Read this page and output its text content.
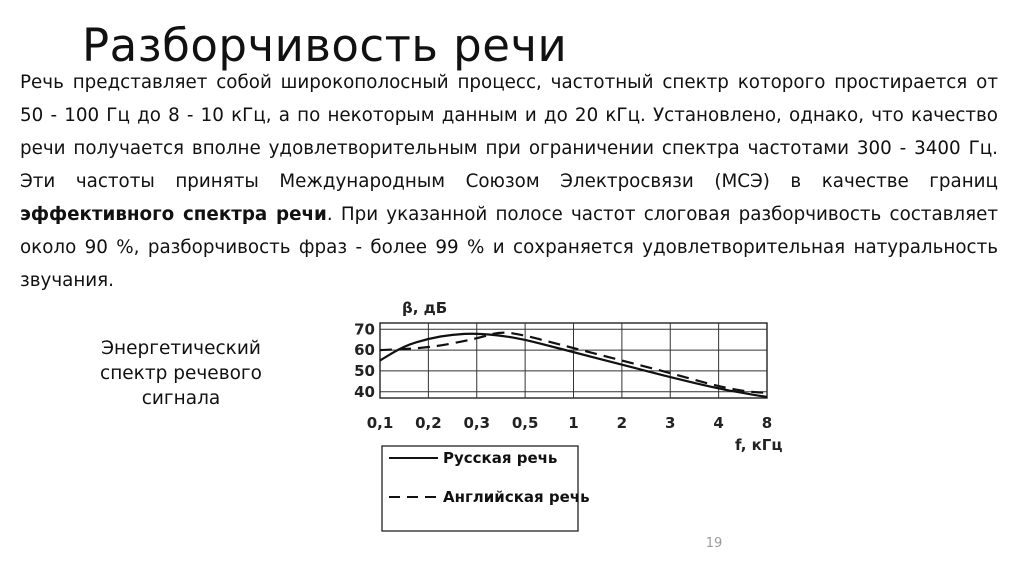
Разборчивость речи
Речь представляет собой широкополосный процесс, частотный спектр которого простирается от 50 - 100 Гц до 8 - 10 кГц, а по некоторым данным и до 20 кГц. Установлено, однако, что качество речи получается вполне удовлетворительным при ограничении спектра частотами 300 - 3400 Гц. Эти частоты приняты Международным Союзом Электросвязи (МСЭ) в качестве границ эффективного спектра речи. При указанной полосе частот слоговая разборчивость составляет около 90 %, разборчивость фраз - более 99 % и сохраняется удовлетворительная натуральность звучания.
Энергетический спектр речевого сигнала
70
60
50
40
0,1 0,2 0,3 0,5 1	2	3	4	8
β, дБ
f, кГц
Русская речь
Английская речь
19
